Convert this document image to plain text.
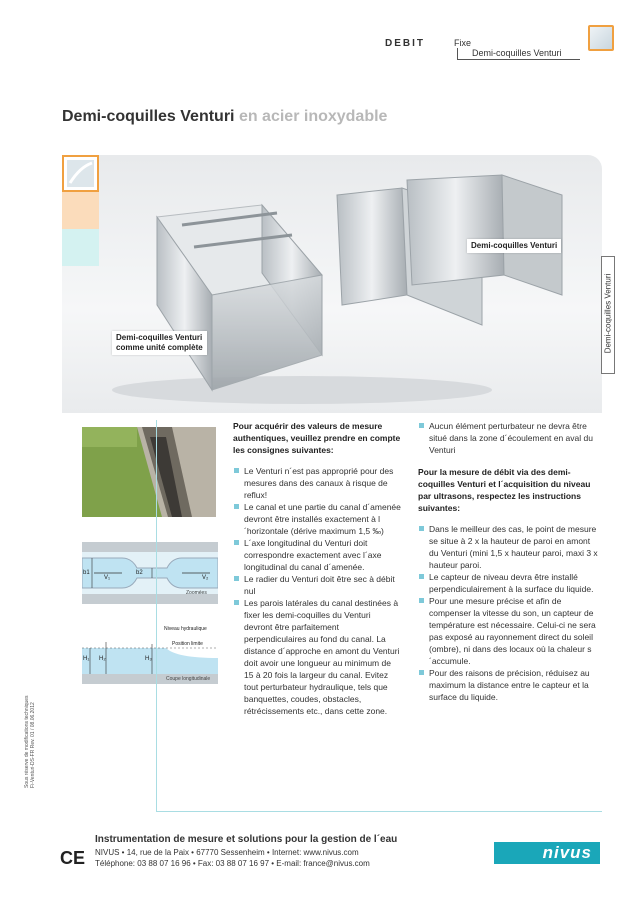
DEBIT	Fixe
Demi-coquilles Venturi
Demi-coquilles Venturi en acier inoxydable
Demi-coquilles Venturi
Demi-coquilles Venturi
comme unité complète	Demi-coquilles Venturi
b1	b2
V₁	V₂
Zoomées
Niveau hydraulique
Position limite
H₁ H₂	H₃
Coupe longitudinale

Pour acquérir des valeurs de mesure authentiques, veuillez prendre en compte les consignes suivantes:

Le Venturi n´est pas approprié pour des mesures dans des canaux à risque de reflux!
Le canal et une partie du canal d´amenée devront être installés exactement à l´horizontale (dérive maximum 1,5 ‰)
L´axe longitudinal du Venturi doit correspondre exactement avec l´axe longitudinal du canal d´amenée.
Le radier du Venturi doit être sec à débit nul
Les parois latérales du canal destinées à fixer les demi-coquilles du Venturi devront être parfaitement perpendiculaires au fond du canal. La distance d´approche en amont du Venturi doit avoir une longueur au minimum de 15 à 20 fois la largeur du canal. Evitez tout perturbateur hydraulique, tels que banquettes, coudes, obstacles, rétrécissements etc., dans cette zone.
Aucun élément perturbateur ne devra être situé dans la zone d´écoulement en aval du Venturi

Pour la mesure de débit via des demi-coquilles Venturi et l´acquisition du niveau par ultrasons, respectez les instructions suivantes:

Dans le meilleur des cas, le point de mesure se situe à 2 x la hauteur de paroi en amont du Venturi (mini 1,5 x hauteur paroi, maxi 3 x hauteur paroi.
Le capteur de niveau devra être installé perpendiculairement à la surface du liquide.
Pour une mesure précise et afin de compenser la vitesse du son, un capteur de température est nécessaire. Celui-ci ne sera pas exposé au rayonnement direct du soleil (ombre), ni dans des locaux où la chaleur s´accumule.
Pour des raisons de précision, réduisez au maximum la distance entre le capteur et la surface du liquide.
Sous réserve de modifications techniques Fi-Venturi-DS-FR Rev. 01 / 08.06.2012
CE
Instrumentation de mesure et solutions pour la gestion de l´eau
NIVUS • 14, rue de la Paix • 67770 Sessenheim • Internet: www.nivus.com
Téléphone: 03 88 07 16 96 • Fax: 03 88 07 16 97 • E-mail: france@nivus.com
nivus
